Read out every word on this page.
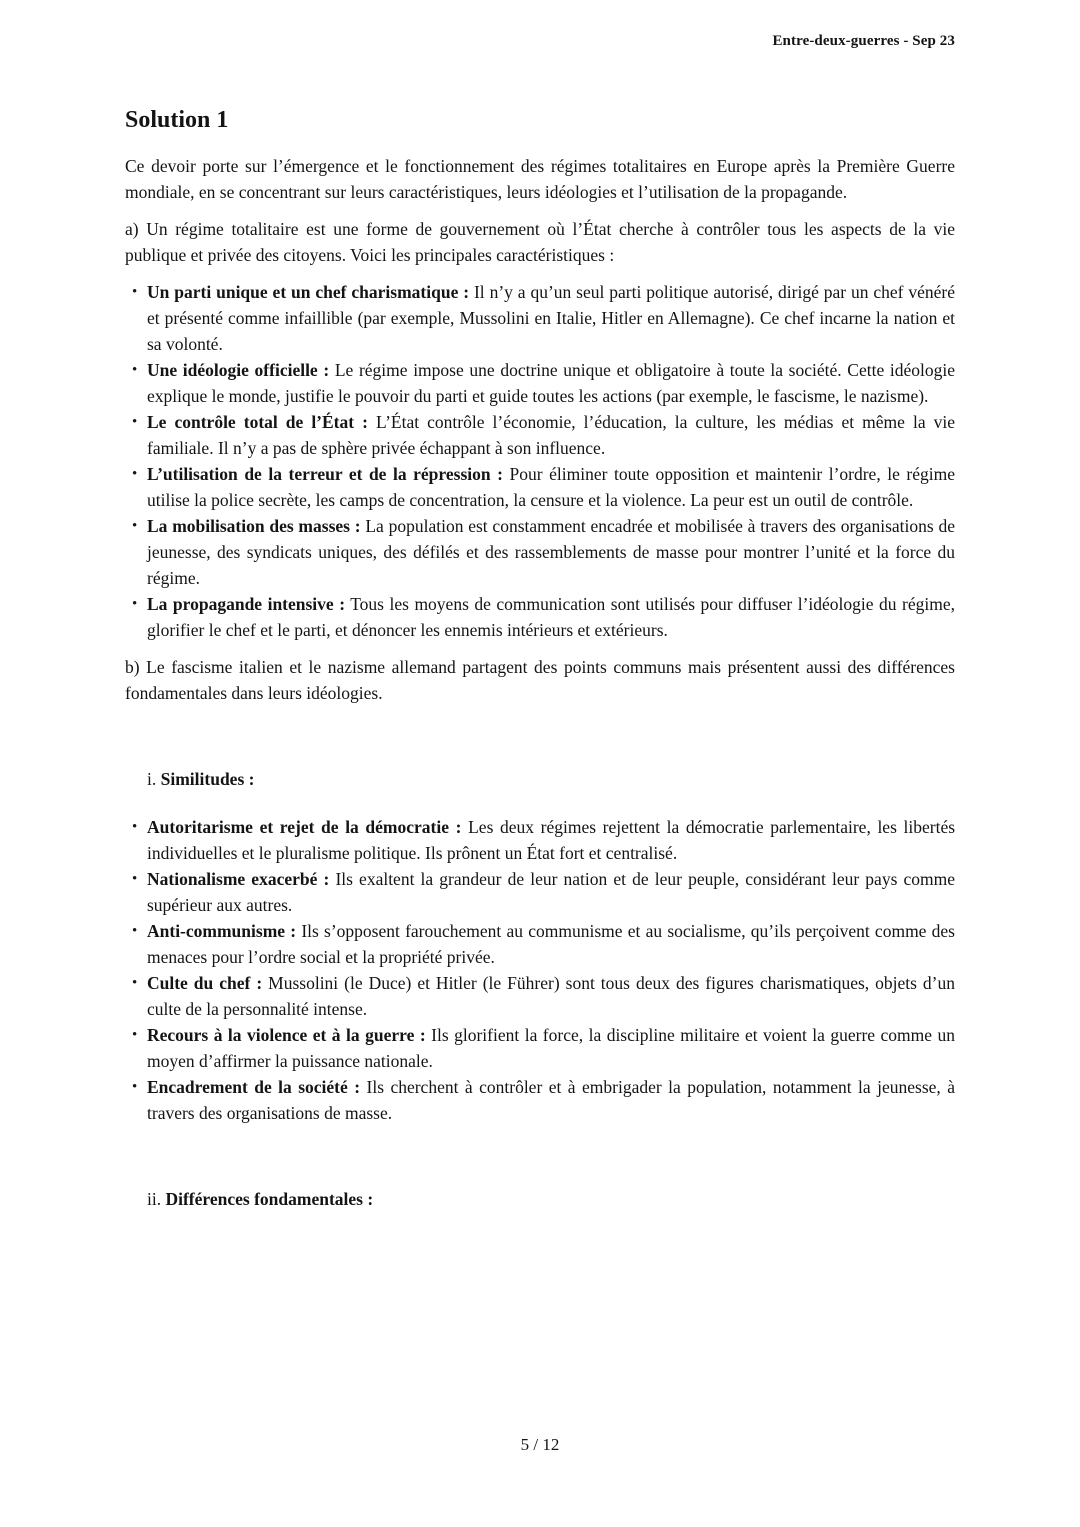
Entre-deux-guerres - Sep 23
Solution 1

Ce devoir porte sur l’émergence et le fonctionnement des régimes totalitaires en Europe après la Première Guerre mondiale, en se concentrant sur leurs caractéristiques, leurs idéologies et l’utilisation de la propagande.

a) Un régime totalitaire est une forme de gouvernement où l’État cherche à contrôler tous les aspects de la vie publique et privée des citoyens. Voici les principales caractéristiques :

• Un parti unique et un chef charismatique : Il n’y a qu’un seul parti politique autorisé, dirigé par un chef vénéré et présenté comme infaillible (par exemple, Mussolini en Italie, Hitler en Allemagne). Ce chef incarne la nation et sa volonté.
• Une idéologie officielle : Le régime impose une doctrine unique et obligatoire à toute la société. Cette idéologie explique le monde, justifie le pouvoir du parti et guide toutes les actions (par exemple, le fascisme, le nazisme).
• Le contrôle total de l’État : L’État contrôle l’économie, l’éducation, la culture, les médias et même la vie familiale. Il n’y a pas de sphère privée échappant à son influence.
• L’utilisation de la terreur et de la répression : Pour éliminer toute opposition et maintenir l’ordre, le régime utilise la police secrète, les camps de concentration, la censure et la violence. La peur est un outil de contrôle.
• La mobilisation des masses : La population est constamment encadrée et mobilisée à travers des organisations de jeunesse, des syndicats uniques, des défilés et des rassemblements de masse pour montrer l’unité et la force du régime.
• La propagande intensive : Tous les moyens de communication sont utilisés pour diffuser l’idéologie du régime, glorifier le chef et le parti, et dénoncer les ennemis intérieurs et extérieurs.

b) Le fascisme italien et le nazisme allemand partagent des points communs mais présentent aussi des différences fondamentales dans leurs idéologies.

i. Similitudes :

• Autoritarisme et rejet de la démocratie : Les deux régimes rejettent la démocratie parlementaire, les libertés individuelles et le pluralisme politique. Ils prônent un État fort et centralisé.
• Nationalisme exacerbé : Ils exaltent la grandeur de leur nation et de leur peuple, considérant leur pays comme supérieur aux autres.
• Anti-communisme : Ils s’opposent farouchement au communisme et au socialisme, qu’ils perçoivent comme des menaces pour l’ordre social et la propriété privée.
• Culte du chef : Mussolini (le Duce) et Hitler (le Führer) sont tous deux des figures charismatiques, objets d’un culte de la personnalité intense.
• Recours à la violence et à la guerre : Ils glorifient la force, la discipline militaire et voient la guerre comme un moyen d’affirmer la puissance nationale.
• Encadrement de la société : Ils cherchent à contrôler et à embrigader la population, notamment la jeunesse, à travers des organisations de masse.

ii. Différences fondamentales :

5 / 12
